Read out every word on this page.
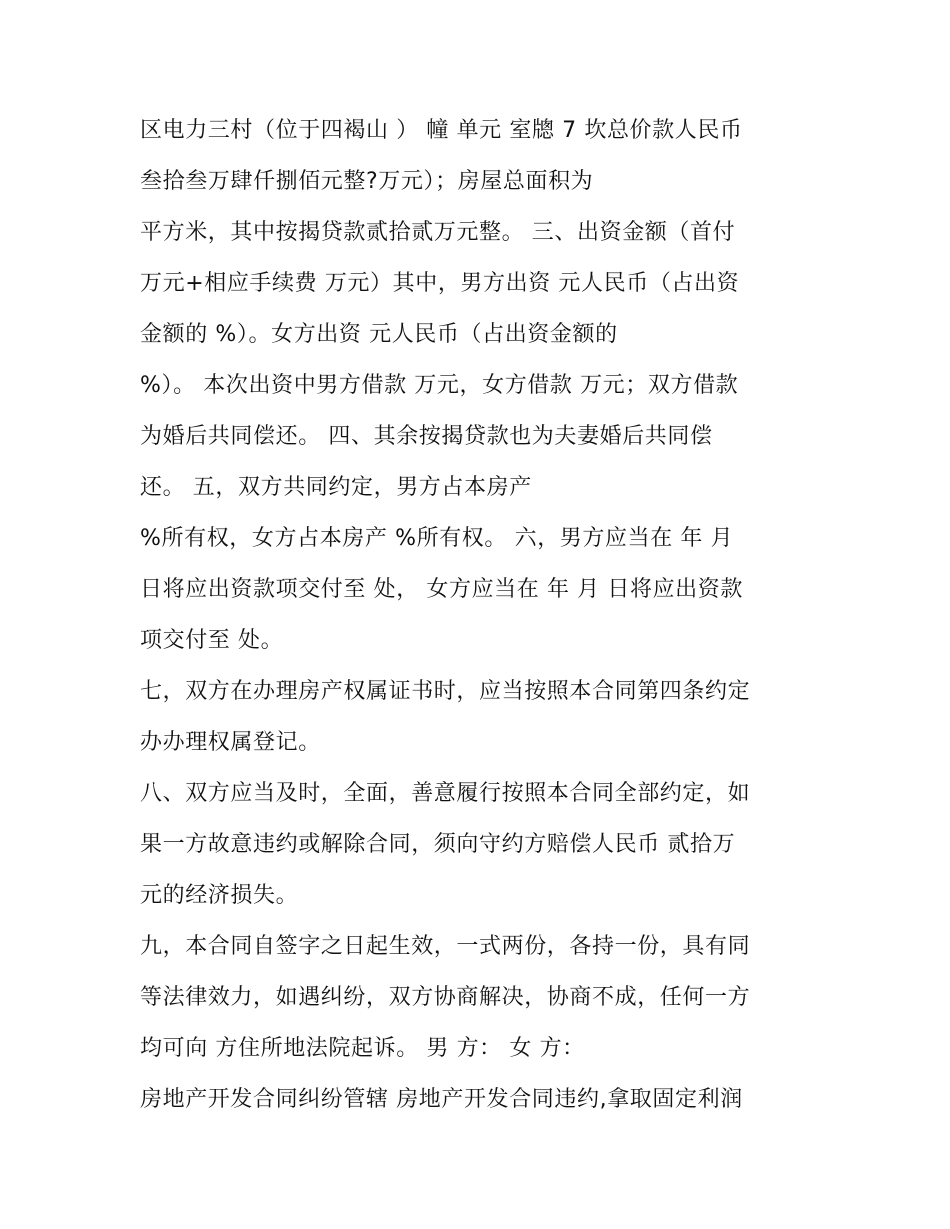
区电力三村（位于四褐山 ） 幢 单元 室牕 7 坎总价款人民币
叁拾叁万肆仟捌佰元整?万元）；房屋总面积为
平方米，其中按揭贷款贰拾贰万元整。 三、出资金额（首付
万元+相应手续费 万元）其中，男方出资 元人民币（占出资
金额的 %）。女方出资 元人民币（占出资金额的
%）。 本次出资中男方借款 万元，女方借款 万元；双方借款
为婚后共同偿还。 四、其余按揭贷款也为夫妻婚后共同偿
还。 五，双方共同约定，男方占本房产
%所有权，女方占本房产 %所有权。 六，男方应当在 年 月
日将应出资款项交付至 处， 女方应当在 年 月 日将应出资款
项交付至 处。
七，双方在办理房产权属证书时，应当按照本合同第四条约定
办办理权属登记。
八、双方应当及时，全面，善意履行按照本合同全部约定，如
果一方故意违约或解除合同，须向守约方赔偿人民币 贰拾万
元的经济损失。
九，本合同自签字之日起生效，一式两份，各持一份，具有同
等法律效力，如遇纠纷，双方协商解决，协商不成，任何一方
均可向 方住所地法院起诉。 男 方： 女 方：
房地产开发合同纠纷管辖 房地产开发合同违约,拿取固定利润
